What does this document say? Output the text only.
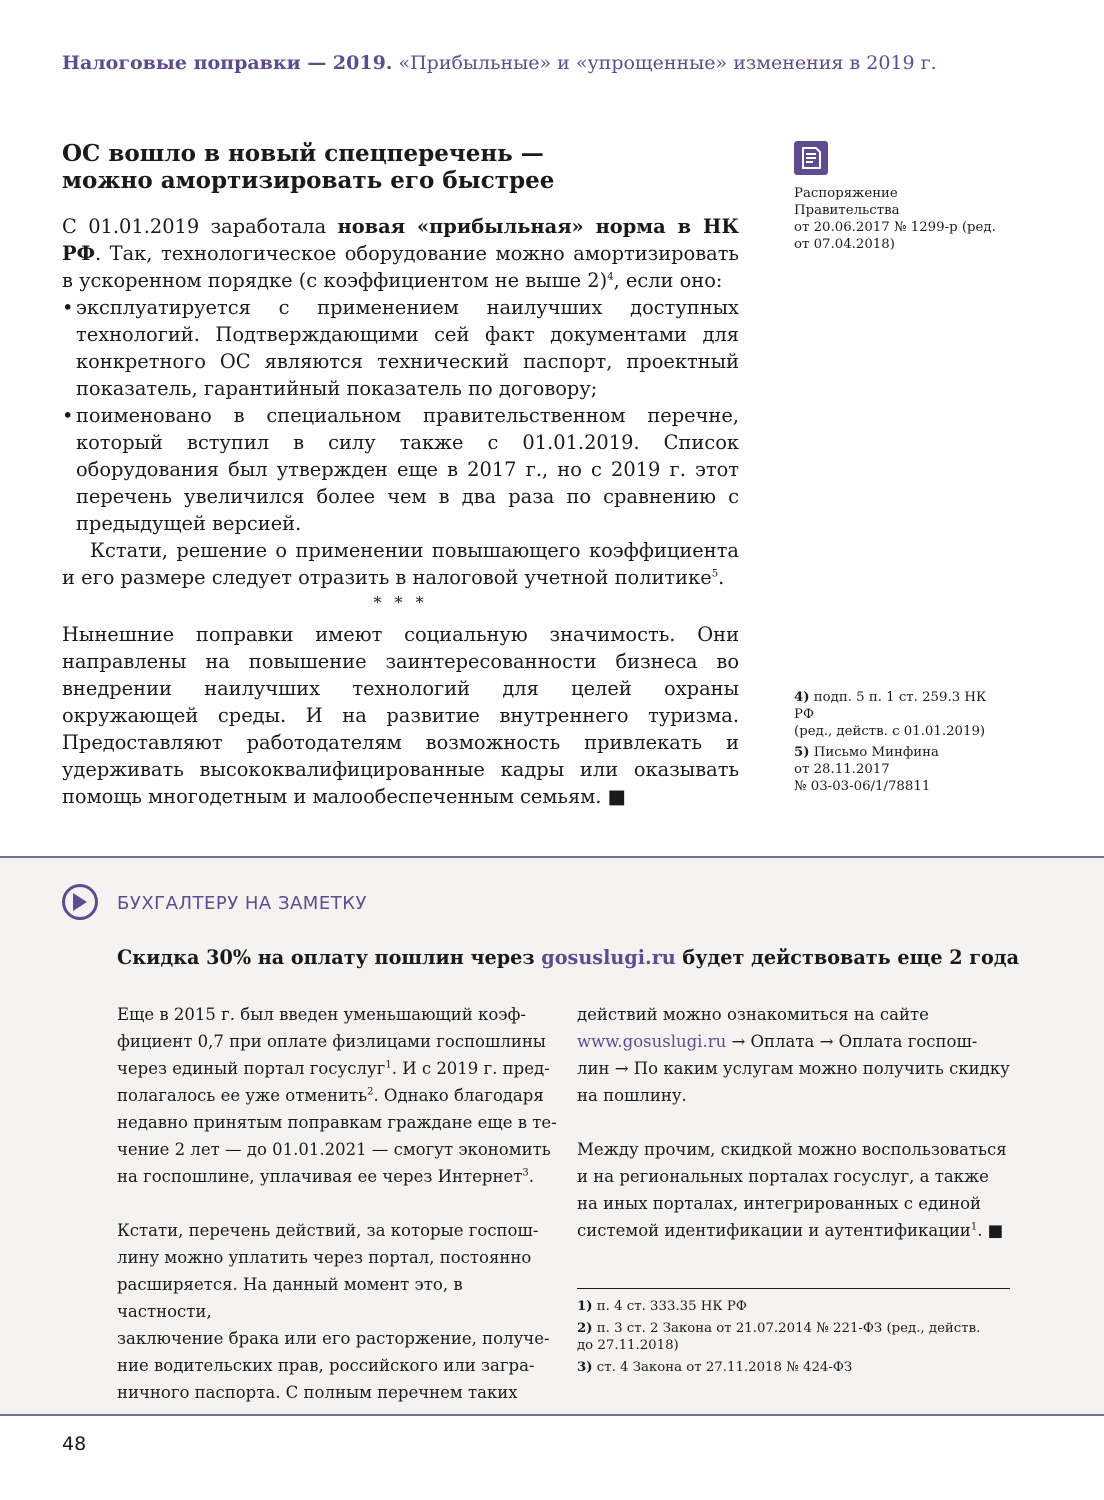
Налоговые поправки — 2019. «Прибыльные» и «упрощенные» изменения в 2019 г.
ОС вошло в новый спецперечень —
можно амортизировать его быстрее

С 01.01.2019 заработала новая «прибыльная» норма в НК РФ. Так, технологическое оборудование можно амортизировать в ускоренном порядке (с коэффициентом не выше 2)$^4$, если оно:

• эксплуатируется с применением наилучших доступных технологий. Подтверждающими сей факт документами для конкретного ОС являются технический паспорт, проектный показатель, гарантийный показатель по договору;

• поименовано в специальном правительственном перечне, который вступил в силу также с 01.01.2019. Список оборудования был утвержден еще в 2017 г., но с 2019 г. этот перечень увеличился более чем в два раза по сравнению с предыдущей версией.

Кстати, решение о применении повышающего коэффициента и его размере следует отразить в налоговой учетной политике$^5$.

* * *

Нынешние поправки имеют социальную значимость. Они направлены на повышение заинтересованности бизнеса во внедрении наилучших технологий для целей охраны окружающей среды. И на развитие внутреннего туризма. Предоставляют работодателям возможность привлекать и удерживать высококвалифицированные кадры или оказывать помощь многодетным и малообеспеченным семьям. ■

Распоряжение Правительства
от 20.06.2017 № 1299-р (ред.
от 07.04.2018)
4) подп. 5 п. 1 ст. 259.3 НК РФ
(ред., действ. с 01.01.2019)
5) Письмо Минфина
от 28.11.2017
№ 03-03-06/1/78811
БУХГАЛТЕРУ НА ЗАМЕТКУ
Скидка 30% на оплату пошлин через gosuslugi.ru будет действовать еще 2 года

Еще в 2015 г. был введен уменьшающий коэф-

фициент 0,7 при оплате физлицами госпошлины

через единый портал госуслуг$^1$. И с 2019 г. пред-

полагалось ее уже отменить$^2$. Однако благодаря

недавно принятым поправкам граждане еще в те-

чение 2 лет — до 01.01.2021 — смогут экономить

на госпошлине, уплачивая ее через Интернет$^3$.

Кстати, перечень действий, за которые госпош-

лину можно уплатить через портал, постоянно

расширяется. На данный момент это, в частности,

заключение брака или его расторжение, получе-

ние водительских прав, российского или загра-

ничного паспорта. С полным перечнем таких

действий можно ознакомиться на сайте

www.gosuslugi.ru → Оплата → Оплата госпош-

лин → По каким услугам можно получить скидку

на пошлину.

Между прочим, скидкой можно воспользоваться

и на региональных порталах госуслуг, а также

на иных порталах, интегрированных с единой

системой идентификации и аутентификации$^1$. ■

1) п. 4 ст. 333.35 НК РФ
2) п. 3 ст. 2 Закона от 21.07.2014 № 221-ФЗ (ред., действ.
до 27.11.2018)
3) ст. 4 Закона от 27.11.2018 № 424-ФЗ
48
